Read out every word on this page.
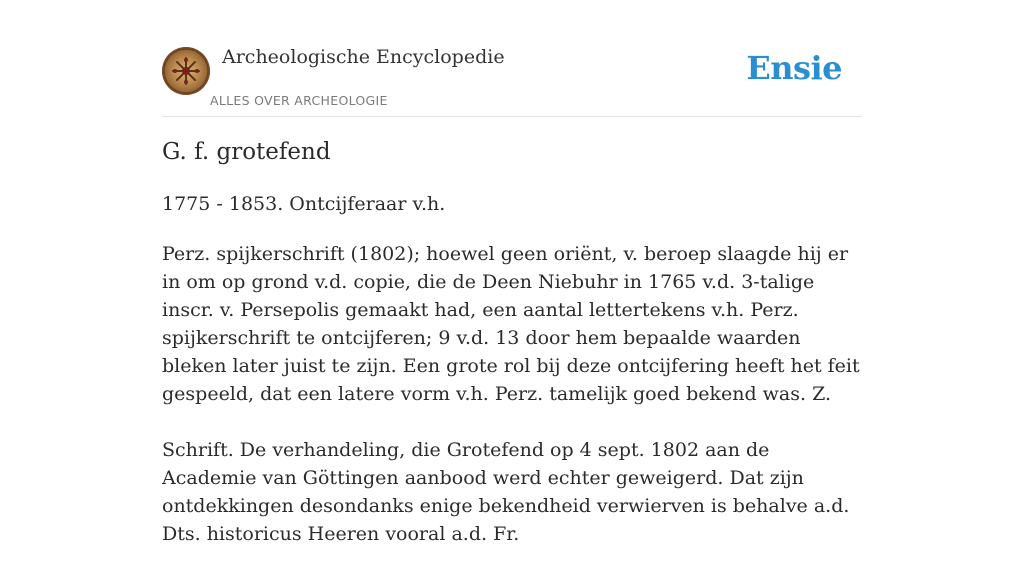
Archeologische Encyclopedie
ALLES OVER ARCHEOLOGIE
Ensie
G. f. grotefend

1775 - 1853. Ontcijferaar v.h.

Perz. spijkerschrift (1802); hoewel geen oriënt, v. beroep slaagde hij er in om op grond v.d. copie, die de Deen Niebuhr in 1765 v.d. 3-talige inscr. v. Persepolis gemaakt had, een aantal lettertekens v.h. Perz. spijkerschrift te ontcijferen; 9 v.d. 13 door hem bepaalde waarden bleken later juist te zijn. Een grote rol bij deze ontcijfering heeft het feit gespeeld, dat een latere vorm v.h. Perz. tamelijk goed bekend was. Z.

Schrift. De verhandeling, die Grotefend op 4 sept. 1802 aan de Academie van Göttingen aanbood werd echter geweigerd. Dat zijn ontdekkingen desondanks enige bekendheid verwierven is behalve a.d. Dts. historicus Heeren vooral a.d. Fr.
